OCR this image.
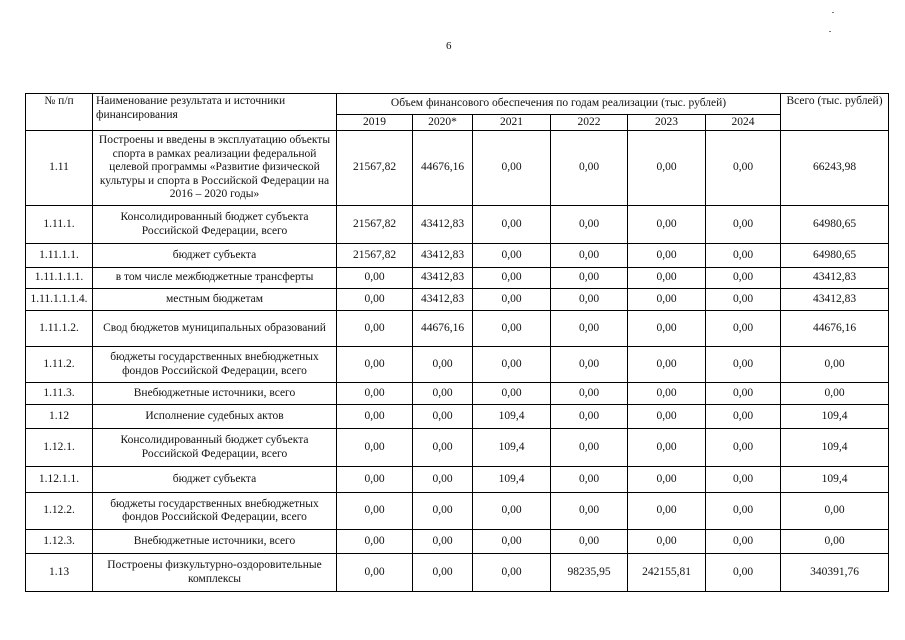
6
№ п/п	Наименование результата и источники финансирования	Объем финансового обеспечения по годам реализации (тыс. рублей)						Всего (тыс. рублей)
		2019	2020*	2021	2022	2023	2024	
1.11	Построены и введены в эксплуатацию объекты спорта в рамках реализации федеральной целевой программы «Развитие физической культуры и спорта в Российской Федерации на 2016 – 2020 годы»	21567,82	44676,16	0,00	0,00	0,00	0,00	66243,98
1.11.1.	Консолидированный бюджет субъекта Российской Федерации, всего	21567,82	43412,83	0,00	0,00	0,00	0,00	64980,65
1.11.1.1.	бюджет субъекта	21567,82	43412,83	0,00	0,00	0,00	0,00	64980,65
1.11.1.1.1.	в том числе межбюджетные трансферты	0,00	43412,83	0,00	0,00	0,00	0,00	43412,83
1.11.1.1.1.4.	местным бюджетам	0,00	43412,83	0,00	0,00	0,00	0,00	43412,83
1.11.1.2.	Свод бюджетов муниципальных образований	0,00	44676,16	0,00	0,00	0,00	0,00	44676,16
1.11.2.	бюджеты государственных внебюджетных фондов Российской Федерации, всего	0,00	0,00	0,00	0,00	0,00	0,00	0,00
1.11.3.	Внебюджетные источники, всего	0,00	0,00	0,00	0,00	0,00	0,00	0,00
1.12	Исполнение судебных актов	0,00	0,00	109,4	0,00	0,00	0,00	109,4
1.12.1.	Консолидированный бюджет субъекта Российской Федерации, всего	0,00	0,00	109,4	0,00	0,00	0,00	109,4
1.12.1.1.	бюджет субъекта	0,00	0,00	109,4	0,00	0,00	0,00	109,4
1.12.2.	бюджеты государственных внебюджетных фондов Российской Федерации, всего	0,00	0,00	0,00	0,00	0,00	0,00	0,00
1.12.3.	Внебюджетные источники, всего	0,00	0,00	0,00	0,00	0,00	0,00	0,00
1.13	Построены физкультурно-оздоровительные комплексы	0,00	0,00	0,00	98235,95	242155,81	0,00	340391,76
